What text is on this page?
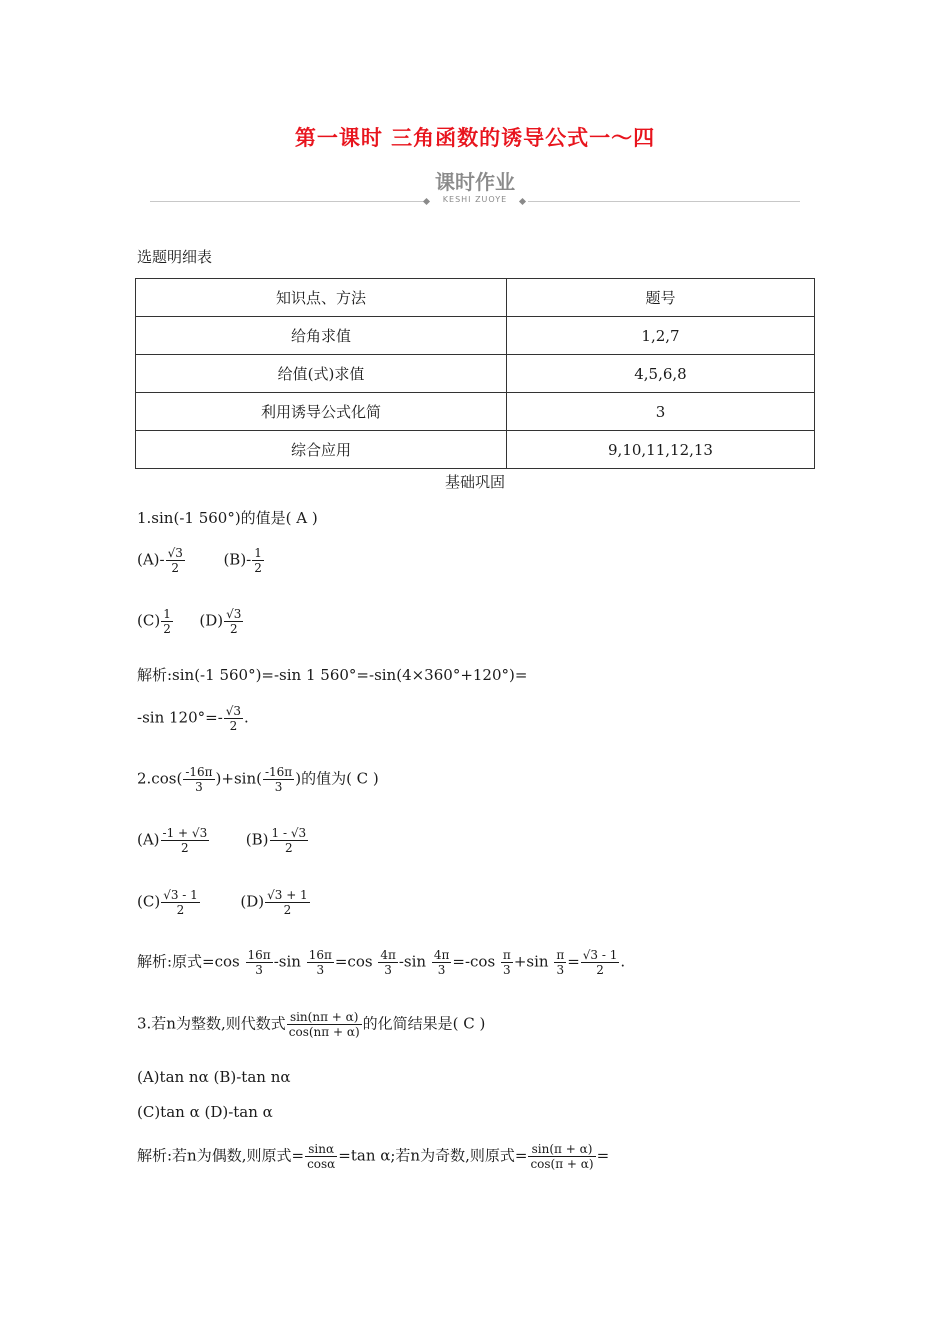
第一课时 三角函数的诱导公式一～四
课时作业
KESHI ZUOYE
选题明细表
知识点、方法	题号
给角求值	1,2,7
给值(式)求值	4,5,6,8
利用诱导公式化简	3
综合应用	9,10,11,12,13
基础巩固
1.sin(-1 560°)的值是( A )
$(A)- \frac{√3}{2}$	$(B)- \frac{1}{2}$
$(C) \frac{1}{2} (D) \frac{√3}{2}$
解析:sin(-1 560°)=-sin 1 560°=-sin(4×360°+120°)=
-sin $120^\circ=- \frac{√3}{2}$ .
$2.\cos( \frac{-16\pi}{3} )+\sin( \frac{-16\pi}{3}$ )的值为( C )
$(A) \frac{-1 + √3}{2} (B) \frac{1 - √3}{2}$
$(C) \frac{√3 - 1}{2}$	$(D) \frac{√3 + 1}{2}$
解析:原式$=\cos \frac{16\pi}{3} -\sin \frac{16\pi}{3} =\cos \frac{4\pi}{3} -\sin \frac{4\pi}{3} =-\cos \frac{\pi}{3} +\sin \frac{\pi}{3} = \frac{√3 - 1}{2}$ .
3.若n为整数,则代数式 $\frac{\sin(n\pi + \alpha)}{\cos(n\pi + \alpha)}$ 的化简结果是( C )
(A)tan nα (B)-tan nα
(C)tan α (D)-tan α
解析:若n为偶数,则原式= $\frac{\sin\alpha}{\cos\alpha} =\tan$ α;若n为奇数,则原式= $\frac{\sin(\pi + \alpha)}{\cos(\pi + \alpha)}$ =
